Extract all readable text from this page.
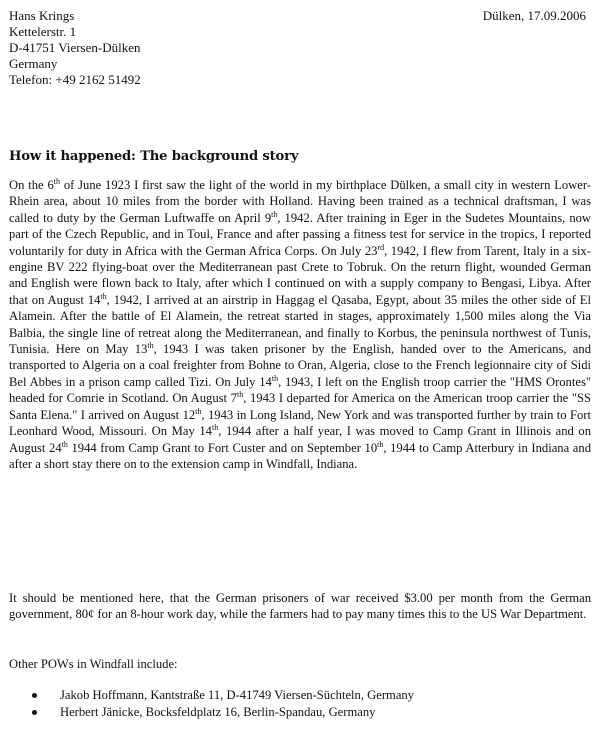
Dülken, 17.09.2006
Hans Krings
Kettelerstr. 1
D-41751 Viersen-Dülken
Germany
Telefon: +49 2162 51492
How it happened: The background story

On the 6th of June 1923 I first saw the light of the world in my birthplace Dülken, a small city in western Lower-Rhein area, about 10 miles from the border with Holland. Having been trained as a technical draftsman, I was called to duty by the German Luftwaffe on April 9th, 1942. After training in Eger in the Sudetes Mountains, now part of the Czech Republic, and in Toul, France and after passing a fitness test for service in the tropics, I reported voluntarily for duty in Africa with the German Africa Corps. On July 23rd, 1942, I flew from Tarent, Italy in a six-engine BV 222 flying-boat over the Mediterranean past Crete to Tobruk. On the return flight, wounded German and English were flown back to Italy, after which I continued on with a supply company to Bengasi, Libya. After that on August 14th, 1942, I arrived at an airstrip in Haggag el Qasaba, Egypt, about 35 miles the other side of El Alamein. After the battle of El Alamein, the retreat started in stages, approximately 1,500 miles along the Via Balbia, the single line of retreat along the Mediterranean, and finally to Korbus, the peninsula northwest of Tunis, Tunisia. Here on May 13th, 1943 I was taken prisoner by the English, handed over to the Americans, and transported to Algeria on a coal freighter from Bohne to Oran, Algeria, close to the French legionnaire city of Sidi Bel Abbes in a prison camp called Tizi. On July 14th, 1943, I left on the English troop carrier the "HMS Orontes" headed for Comrie in Scotland. On August 7th, 1943 I departed for America on the American troop carrier the "SS Santa Elena." I arrived on August 12th, 1943 in Long Island, New York and was transported further by train to Fort Leonhard Wood, Missouri. On May 14th, 1944 after a half year, I was moved to Camp Grant in Illinois and on August 24th 1944 from Camp Grant to Fort Custer and on September 10th, 1944 to Camp Atterbury in Indiana and after a short stay there on to the extension camp in Windfall, Indiana.

It should be mentioned here, that the German prisoners of war received $3.00 per month from the German government, 80¢ for an 8-hour work day, while the farmers had to pay many times this to the US War Department.

Other POWs in Windfall include:

Jakob Hoffmann, Kantstraße 11, D-41749 Viersen-Süchteln, Germany
Herbert Jänicke, Bocksfeldplatz 16, Berlin-Spandau, Germany
